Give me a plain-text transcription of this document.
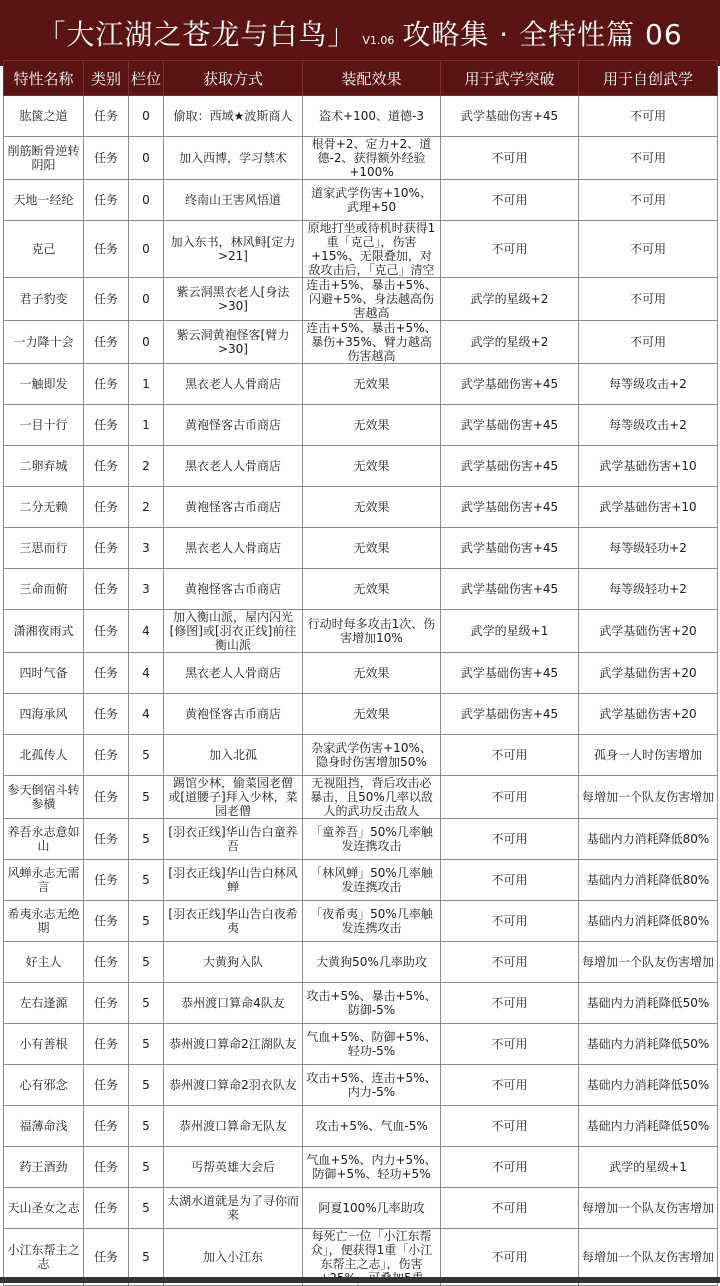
「大江湖之苍龙与白鸟」 V1.06 攻略集 · 全特性篇 06
特性名称	类别	栏位	获取方式	装配效果	用于武学突破	用于自创武学
肱箧之道	任务	0	偷取：西域★波斯商人	盗术+100、道德-3	武学基础伤害+45	不可用
削筋断骨逆转阴阳	任务	0	加入西博，学习禁术	根骨+2、定力+2、道德-2、获得额外经验+100%	不可用	不可用
天地一经纶	任务	0	终南山王害风悟道	道家武学伤害+10%、武理+50	不可用	不可用
克己	任务	0	加入东书，林风鲟[定力>21]	原地打坐或待机时获得1重「克己」，伤害+15%、无限叠加，对敌攻击后，「克己」清空	不可用	不可用
君子豹变	任务	0	紫云洞黑衣老人[身法>30]	连击+5%、暴击+5%、闪避+5%、身法越高伤害越高	武学的星级+2	不可用
一力降十会	任务	0	紫云洞黄袍怪客[臂力>30]	连击+5%、暴击+5%、暴伤+35%、臂力越高伤害越高	武学的星级+2	不可用
一触即发	任务	1	黑衣老人人骨商店	无效果	武学基础伤害+45	每等级攻击+2
一目十行	任务	1	黄袍怪客古币商店	无效果	武学基础伤害+45	每等级攻击+2
二卵弃城	任务	2	黑衣老人人骨商店	无效果	武学基础伤害+45	武学基础伤害+10
二分无赖	任务	2	黄袍怪客古币商店	无效果	武学基础伤害+45	武学基础伤害+10
三思而行	任务	3	黑衣老人人骨商店	无效果	武学基础伤害+45	每等级轻功+2
三命而俯	任务	3	黄袍怪客古币商店	无效果	武学基础伤害+45	每等级轻功+2
潇湘夜雨式	任务	4	加入衡山派，屋内闪光[修图]或[羽衣正线]前往衡山派	行动时每多攻击1次、伤害增加10%	武学的星级+1	武学基础伤害+20
四时气备	任务	4	黑衣老人人骨商店	无效果	武学基础伤害+45	武学基础伤害+20
四海承风	任务	4	黄袍怪客古币商店	无效果	武学基础伤害+45	武学基础伤害+20
北孤传人	任务	5	加入北孤	杂家武学伤害+10%、隐身时伤害增加50%	不可用	孤身一人时伤害增加
参天倒宿斗转参横	任务	5	踢馆少林，偷菜园老僧 或[道腰子]拜入少林，菜园老僧	无视阻挡，背后攻击必暴击，且50%几率以敌人的武功反击敌人	不可用	每增加一个队友伤害增加
养吾永志意如山	任务	5	[羽衣正线]华山告白童养吾	「童养吾」50%几率触发连携攻击	不可用	基础内力消耗降低80%
风蝉永志无需言	任务	5	[羽衣正线]华山告白林风蝉	「林风蝉」50%几率触发连携攻击	不可用	基础内力消耗降低80%
希夷永志无绝期	任务	5	[羽衣正线]华山告白夜希夷	「夜希夷」50%几率触发连携攻击	不可用	基础内力消耗降低80%
好主人	任务	5	大黄狗入队	大黄狗50%几率助攻	不可用	每增加一个队友伤害增加
左右逢源	任务	5	恭州渡口算命4队友	攻击+5%、暴击+5%、防御-5%	不可用	基础内力消耗降低50%
小有善根	任务	5	恭州渡口算命2江湖队友	气血+5%、防御+5%、轻功-5%	不可用	基础内力消耗降低50%
心有邪念	任务	5	恭州渡口算命2羽衣队友	攻击+5%、连击+5%、内力-5%	不可用	基础内力消耗降低50%
福薄命浅	任务	5	恭州渡口算命无队友	攻击+5%、气血-5%	不可用	基础内力消耗降低50%
药王酒劲	任务	5	丐帮英雄大会后	气血+5%、内力+5%、防御+5%、轻功+5%	不可用	武学的星级+1
天山圣女之志	任务	5	太湖水道就是为了寻你而来	阿夏100%几率助攻	不可用	每增加一个队友伤害增加
小江东帮主之志	任务	5	加入小江东	每死亡一位「小江东帮众」，便获得1重「小江东帮主之志」，伤害	不可用	每增加一个队友伤害增加
